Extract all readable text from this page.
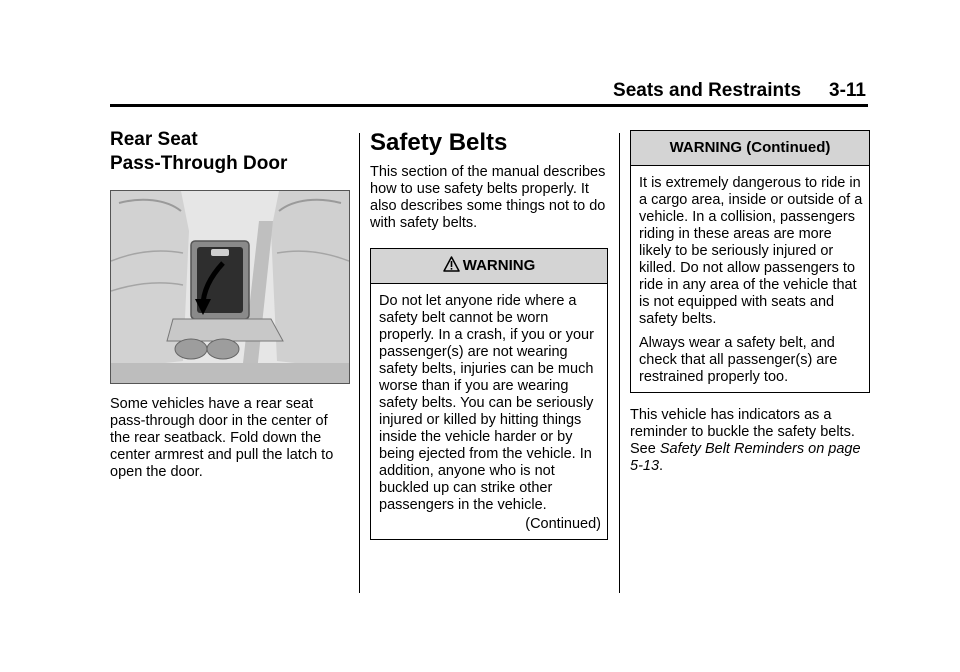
Seats and Restraints 3-11
Rear Seat
Pass-Through Door

Some vehicles have a rear seat pass-through door in the center of the rear seatback. Fold down the center armrest and pull the latch to open the door.

Safety Belts

This section of the manual describes how to use safety belts properly. It also describes some things not to do with safety belts.

WARNING

Do not let anyone ride where a safety belt cannot be worn properly. In a crash, if you or your passenger(s) are not wearing safety belts, injuries can be much worse than if you are wearing safety belts. You can be seriously injured or killed by hitting things inside the vehicle harder or by being ejected from the vehicle. In addition, anyone who is not buckled up can strike other passengers in the vehicle.

(Continued)
WARNING (Continued)

It is extremely dangerous to ride in a cargo area, inside or outside of a vehicle. In a collision, passengers riding in these areas are more likely to be seriously injured or killed. Do not allow passengers to ride in any area of the vehicle that is not equipped with seats and safety belts.

Always wear a safety belt, and check that all passenger(s) are restrained properly too.

This vehicle has indicators as a reminder to buckle the safety belts. See Safety Belt Reminders on page 5-13.
